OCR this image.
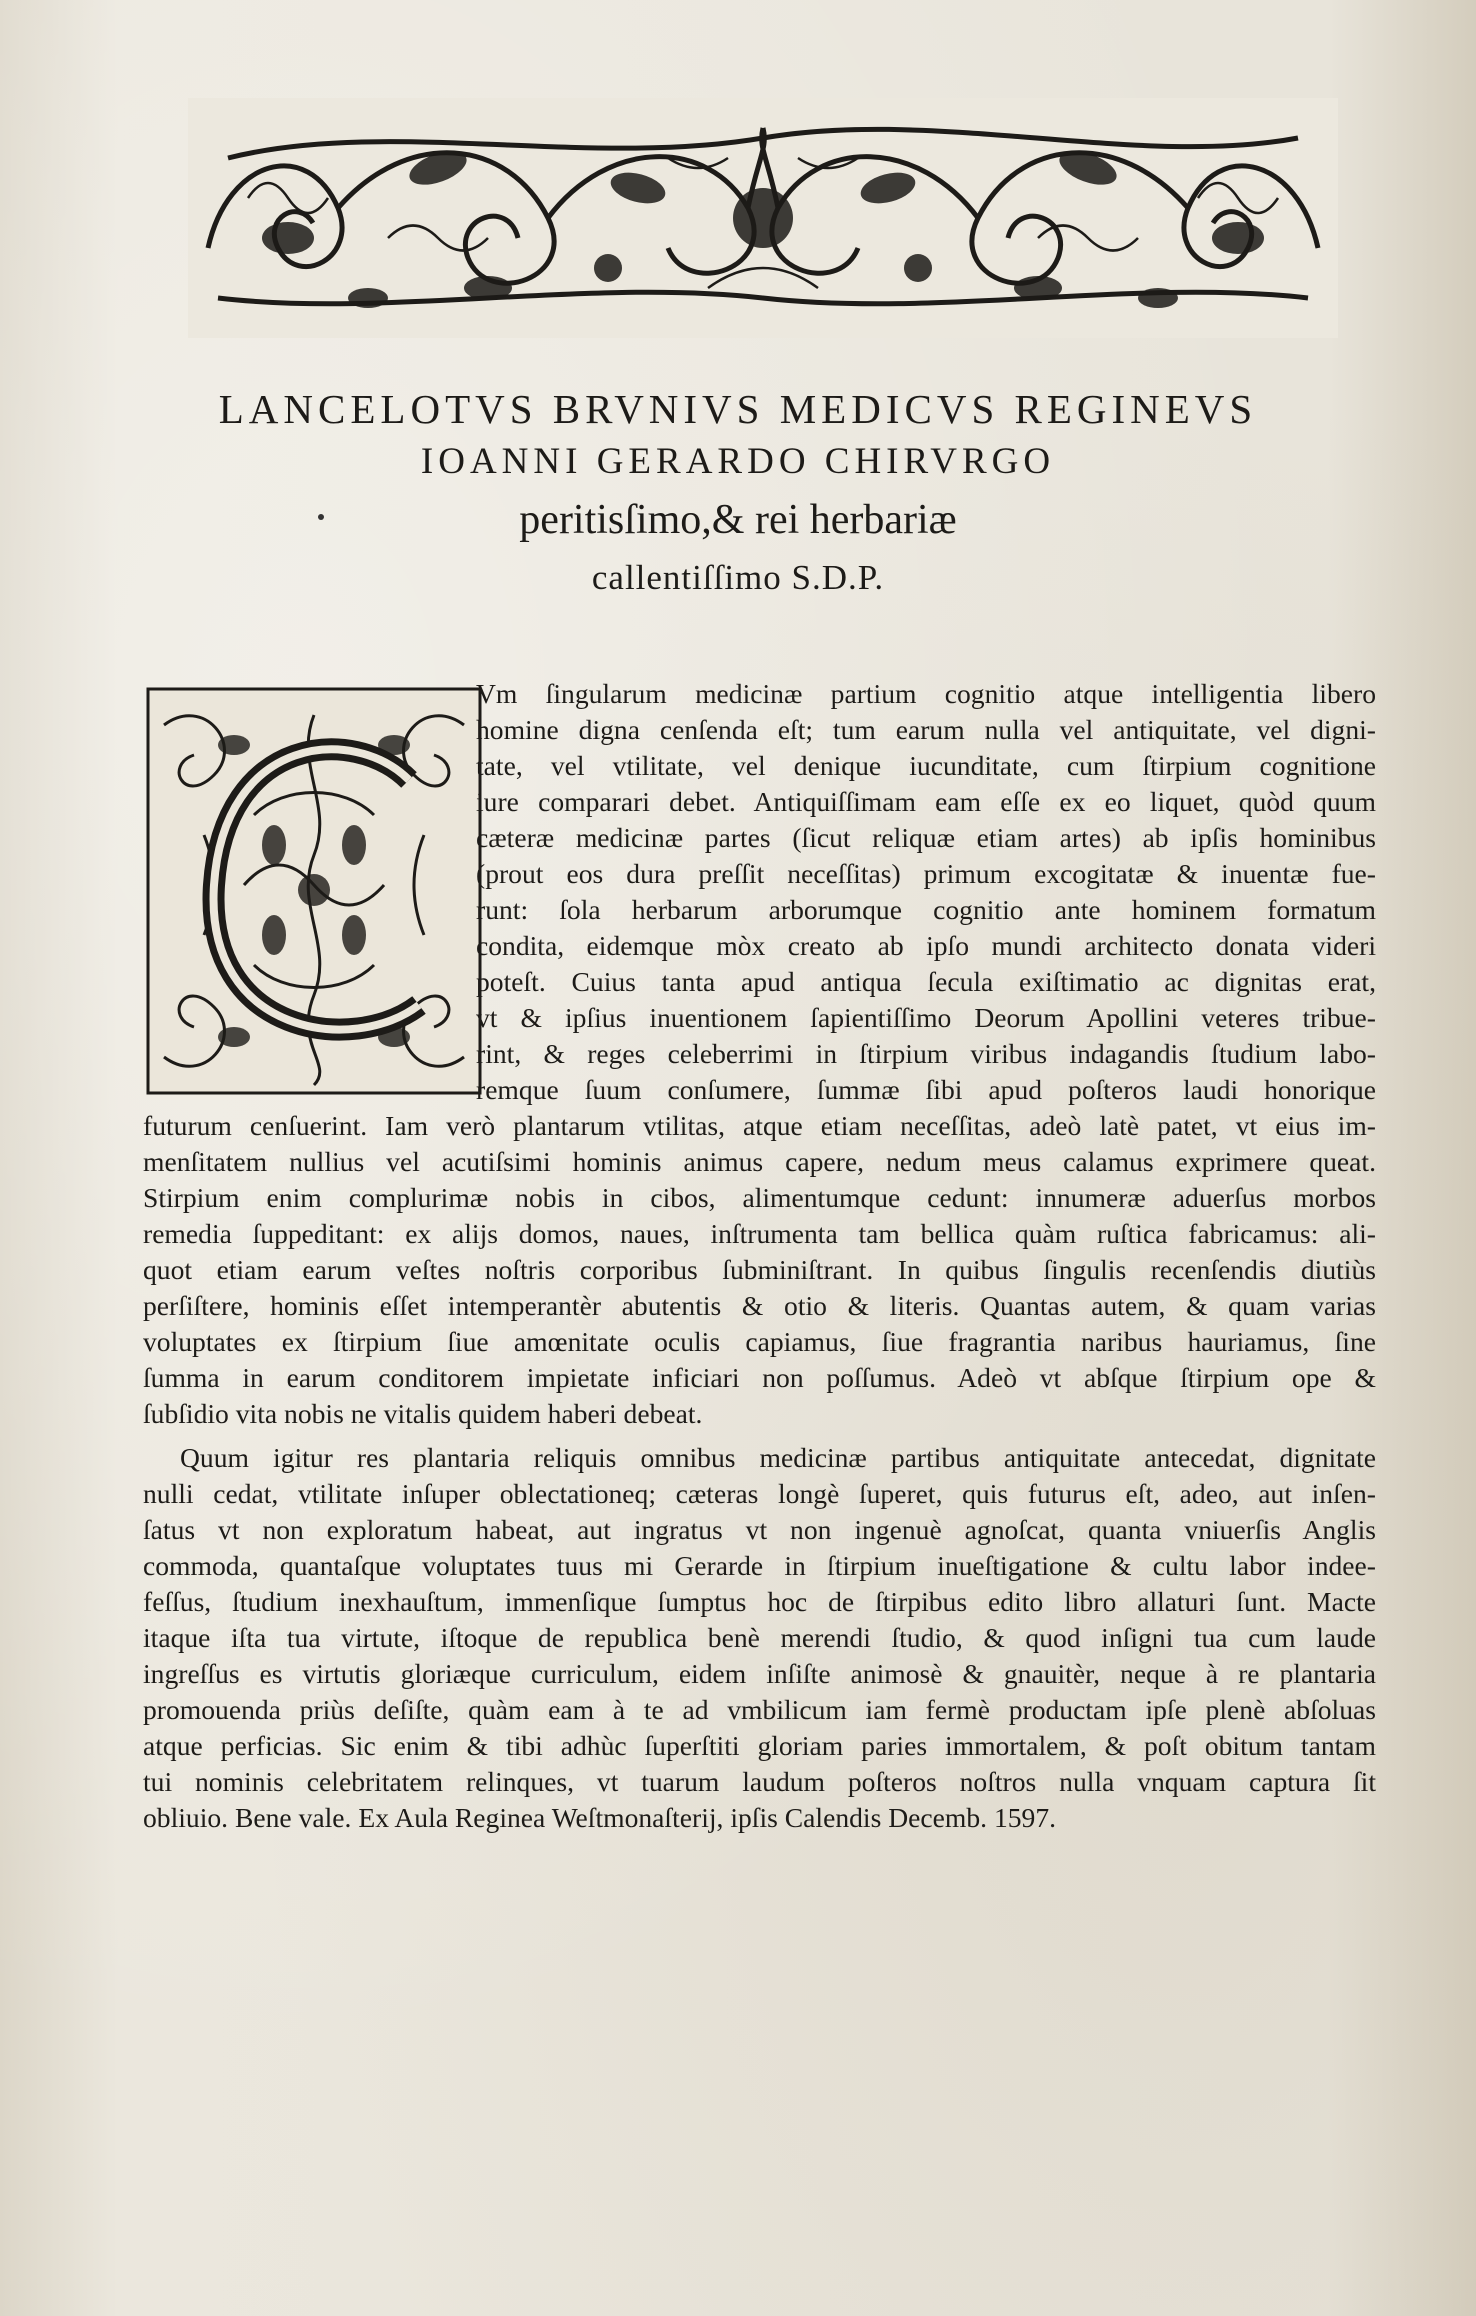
LANCELOTVS BRVNIVS MEDICVS REGINEVS
IOANNI GERARDO CHIRVRGO
peritisſimo,& rei herbariæ
callentiſſimo S.D.P.
Vm ſingularum medicinæ partium cognitio atque intelligentia libero
homine digna cenſenda eſt; tum earum nulla vel antiquitate, vel digni-
tate, vel vtilitate, vel denique iucunditate, cum ſtirpium cognitione
iure comparari debet. Antiquiſſimam eam eſſe ex eo liquet, quòd quum
cæteræ medicinæ partes (ſicut reliquæ etiam artes) ab ipſis hominibus
(prout eos dura preſſit neceſſitas) primum excogitatæ & inuentæ fue-
runt: ſola herbarum arborumque cognitio ante hominem formatum
condita, eidemque mòx creato ab ipſo mundi architecto donata videri
poteſt. Cuius tanta apud antiqua ſecula exiſtimatio ac dignitas erat,
vt & ipſius inuentionem ſapientiſſimo Deorum Apollini veteres tribue-
rint, & reges celeberrimi in ſtirpium viribus indagandis ſtudium labo-
remque ſuum conſumere, ſummæ ſibi apud poſteros laudi honorique
futurum cenſuerint. Iam verò plantarum vtilitas, atque etiam neceſſitas, adeò latè patet, vt eius im-
menſitatem nullius vel acutiſsimi hominis animus capere, nedum meus calamus exprimere queat.
Stirpium enim complurimæ nobis in cibos, alimentumque cedunt: innumeræ aduerſus morbos
remedia ſuppeditant: ex alijs domos, naues, inſtrumenta tam bellica quàm ruſtica fabricamus: ali-
quot etiam earum veſtes noſtris corporibus ſubminiſtrant. In quibus ſingulis recenſendis diutiùs
perſiſtere, hominis eſſet intemperantèr abutentis & otio & literis. Quantas autem, & quam varias
voluptates ex ſtirpium ſiue amœnitate oculis capiamus, ſiue fragrantia naribus hauriamus, ſine
ſumma in earum conditorem impietate inficiari non poſſumus. Adeò vt abſque ſtirpium ope &
ſubſidio vita nobis ne vitalis quidem haberi debeat.
Quum igitur res plantaria reliquis omnibus medicinæ partibus antiquitate antecedat, dignitate
nulli cedat, vtilitate inſuper oblectationeq; cæteras longè ſuperet, quis futurus eſt, adeo, aut inſen-
ſatus vt non exploratum habeat, aut ingratus vt non ingenuè agnoſcat, quanta vniuerſis Anglis
commoda, quantaſque voluptates tuus mi Gerarde in ſtirpium inueſtigatione & cultu labor indee-
feſſus, ſtudium inexhauſtum, immenſique ſumptus hoc de ſtirpibus edito libro allaturi ſunt. Macte
itaque iſta tua virtute, iſtoque de republica benè merendi ſtudio, & quod inſigni tua cum laude
ingreſſus es virtutis gloriæque curriculum, eidem inſiſte animosè & gnauitèr, neque à re plantaria
promouenda priùs deſiſte, quàm eam à te ad vmbilicum iam fermè productam ipſe plenè abſoluas
atque perficias. Sic enim & tibi adhùc ſuperſtiti gloriam paries immortalem, & poſt obitum tantam
tui nominis celebritatem relinques, vt tuarum laudum poſteros noſtros nulla vnquam captura ſit
obliuio. Bene vale. Ex Aula Reginea Weſtmonaſterij, ipſis Calendis Decemb. 1597.
